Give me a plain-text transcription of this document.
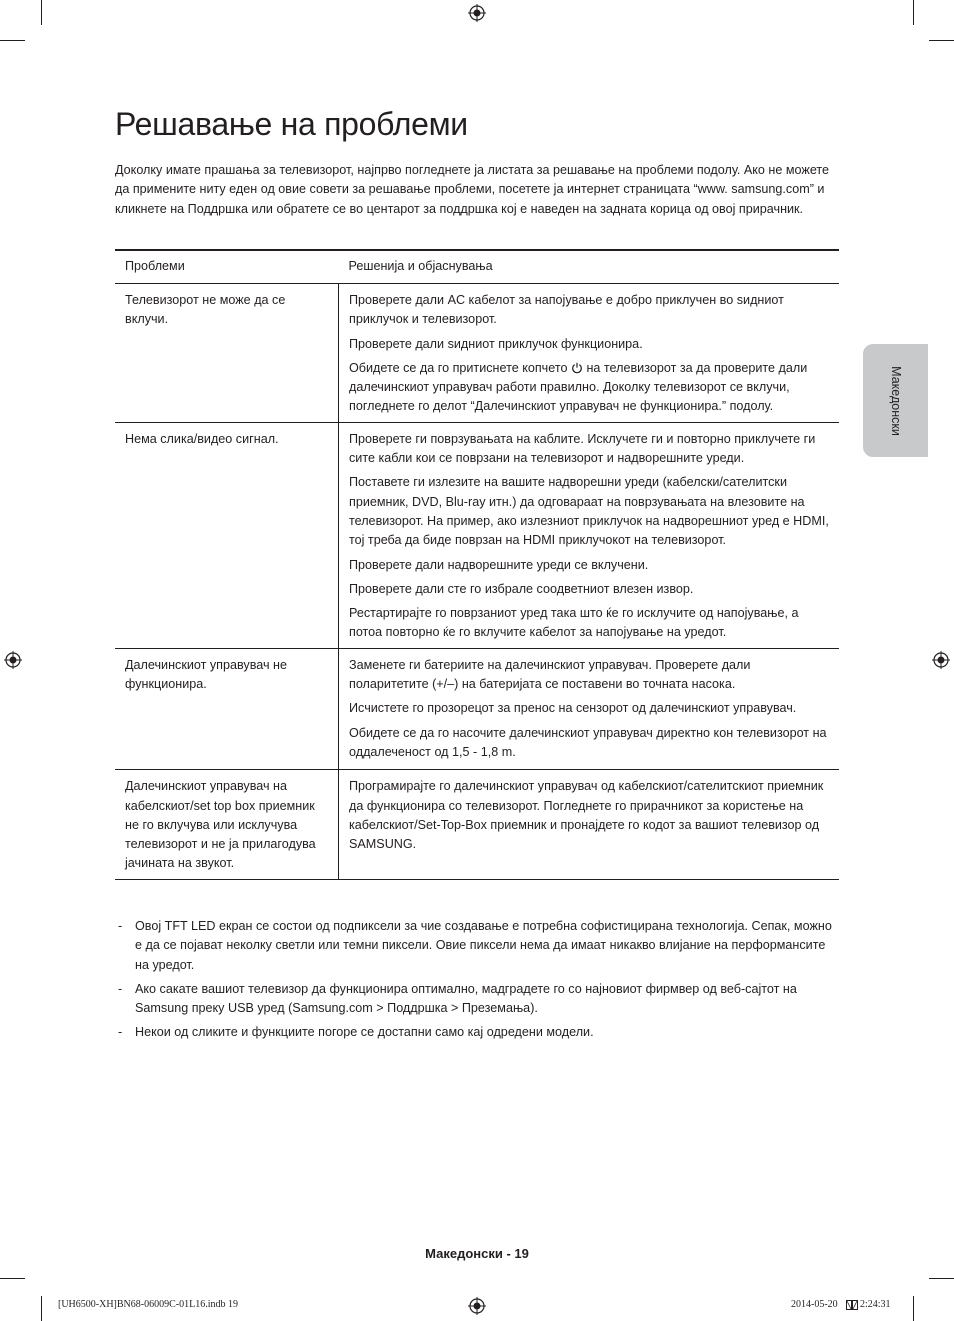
Решавање на проблеми

Доколку имате прашања за телевизорот, најпрво погледнете ја листата за решавање на проблеми подолу. Ако не можете да примените ниту еден од овие совети за решавање проблеми, посетете ја интернет страницата “www. samsung.com” и кликнете на Поддршка или обратете се во центарот за поддршка кој е наведен на задната корица од овој прирачник.

Проблеми	Решенија и објаснувања
Телевизорот не може да се вклучи.	Проверете дали AC кабелот за напојување е добро приклучен во ѕидниот приклучок и телевизорот.

Проверете дали ѕидниот приклучок функционира.

Обидете се да го притиснете копчето на телевизорот за да проверите дали далечинскиот управувач работи правилно. Доколку телевизорот се вклучи, погледнете го делот “Далечинскиот управувач не функционира.” подолу.

Нема слика/видео сигнал.	Проверете ги поврзувањата на каблите. Исклучете ги и повторно приклучете ги сите кабли кои се поврзани на телевизорот и надворешните уреди.

Поставете ги излезите на вашите надворешни уреди (кабелски/сателитски приемник, DVD, Blu-ray итн.) да одговараат на поврзувањата на влезовите на телевизорот. На пример, ако излезниот приклучок на надворешниот уред е HDMI, тој треба да биде поврзан на HDMI приклучокот на телевизорот.

Проверете дали надворешните уреди се вклучени.

Проверете дали сте го избрале соодветниот влезен извор.

Рестартирајте го поврзаниот уред така што ќе го исклучите од напојување, а потоа повторно ќе го вклучите кабелот за напојување на уредот.

Далечинскиот управувач не функционира.	Заменете ги батериите на далечинскиот управувач. Проверете дали поларитетите (+/–) на батеријата се поставени во точната насока.

Исчистете го прозорецот за пренос на сензорот од далечинскиот управувач.

Обидете се да го насочите далечинскиот управувач директно кон телевизорот на оддалеченост од 1,5 - 1,8 m.

Далечинскиот управувач на кабелскиот/set top box приемник не го вклучува или исклучува телевизорот и не ја прилагодува јачината на звукот.	Програмирајте го далечинскиот управувач од кабелскиот/сателитскиот приемник да функционира со телевизорот. Погледнете го прирачникот за користење на кабелскиот/Set-Top-Box приемник и пронајдете го кодот за вашиот телевизор од SAMSUNG.

- Овој TFT LED екран се состои од подпиксели за чие создавање е потребна софистицирана технологија. Сепак, можно е да се појават неколку светли или темни пиксели. Овие пиксели нема да имаат никакво влијание на перформансите на уредот.
- Ако сакате вашиот телевизор да функционира оптимално, мадградете го со најновиот фирмвер од веб-сајтот на Samsung преку USB уред (Samsung.com > Поддршка > Преземања).
- Некои од сликите и функциите погоре се достапни само кај одредени модели.
Македонски
Македонски - 19
[UH6500-XH]BN68-06009C-01L16.indb 19	2014-05-20 2:24:31
